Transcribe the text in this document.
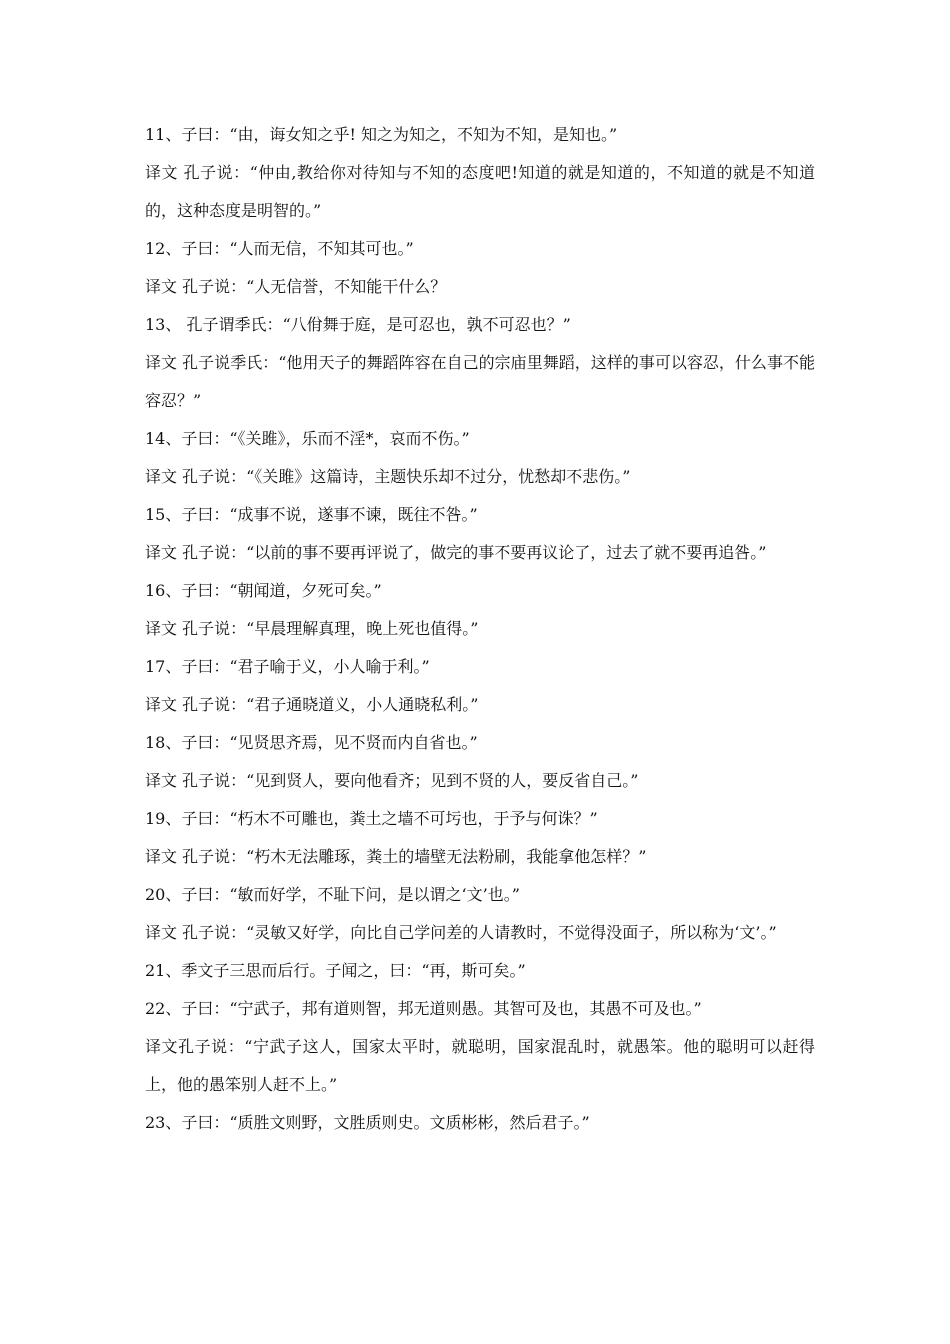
11、子曰：“由，诲女知之乎! 知之为知之，不知为不知，是知也。”

译文 孔子说：“仲由,教给你对待知与不知的态度吧!知道的就是知道的，不知道的就是不知道的，这种态度是明智的。”

12、子曰：“人而无信，不知其可也。”

译文 孔子说：“人无信誉，不知能干什么？

13、 孔子谓季氏：“八佾舞于庭，是可忍也，孰不可忍也？”

译文 孔子说季氏：“他用天子的舞蹈阵容在自己的宗庙里舞蹈，这样的事可以容忍，什么事不能容忍？”

14、子曰：“《关雎》，乐而不淫*，哀而不伤。”

译文 孔子说：“《关雎》这篇诗，主题快乐却不过分，忧愁却不悲伤。”

15、子曰：“成事不说，遂事不谏，既往不咎。”

译文 孔子说：“以前的事不要再评说了，做完的事不要再议论了，过去了就不要再追咎。”

16、子曰：“朝闻道，夕死可矣。”

译文 孔子说：“早晨理解真理，晚上死也值得。”

17、子曰：“君子喻于义，小人喻于利。”

译文 孔子说：“君子通晓道义，小人通晓私利。”

18、子曰：“见贤思齐焉，见不贤而内自省也。”

译文 孔子说：“见到贤人，要向他看齐；见到不贤的人，要反省自己。”

19、子曰：“朽木不可雕也，粪土之墙不可圬也，于予与何诛？”

译文 孔子说：“朽木无法雕琢，粪土的墙壁无法粉刷，我能拿他怎样？”

20、子曰：“敏而好学，不耻下问，是以谓之‘文’也。”

译文 孔子说：“灵敏又好学，向比自己学问差的人请教时，不觉得没面子，所以称为‘文’。”

21、季文子三思而后行。子闻之，曰：“再，斯可矣。”

22、子曰：“宁武子，邦有道则智，邦无道则愚。其智可及也，其愚不可及也。”

译文孔子说：“宁武子这人，国家太平时，就聪明，国家混乱时，就愚笨。他的聪明可以赶得上，他的愚笨别人赶不上。”

23、子曰：“质胜文则野，文胜质则史。文质彬彬，然后君子。”
